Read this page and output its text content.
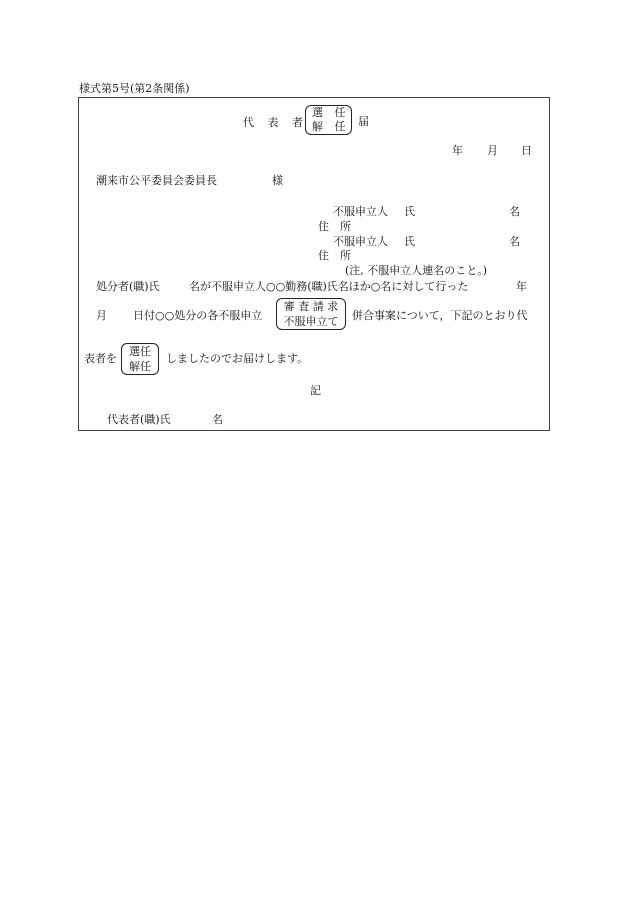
様式第5号(第2条関係)
代 表 者
選 任
解 任 届
年 月 日
潮来市公平委員会委員長	様
不服申立人 氏	名
住　所
不服申立人 氏	名
住　所
(注, 不服申立人連名のこと。)
処分者(職)氏	名が不服申立人○○勤務(職)氏名ほか○名に対して行った	年
月 日付○○処分の各不服申立
審 査 請 求
不服申立て	併合事案について，下記のとおり代
表者を
選任
解任
しましたのでお届けします。
記
代表者(職)氏	名
